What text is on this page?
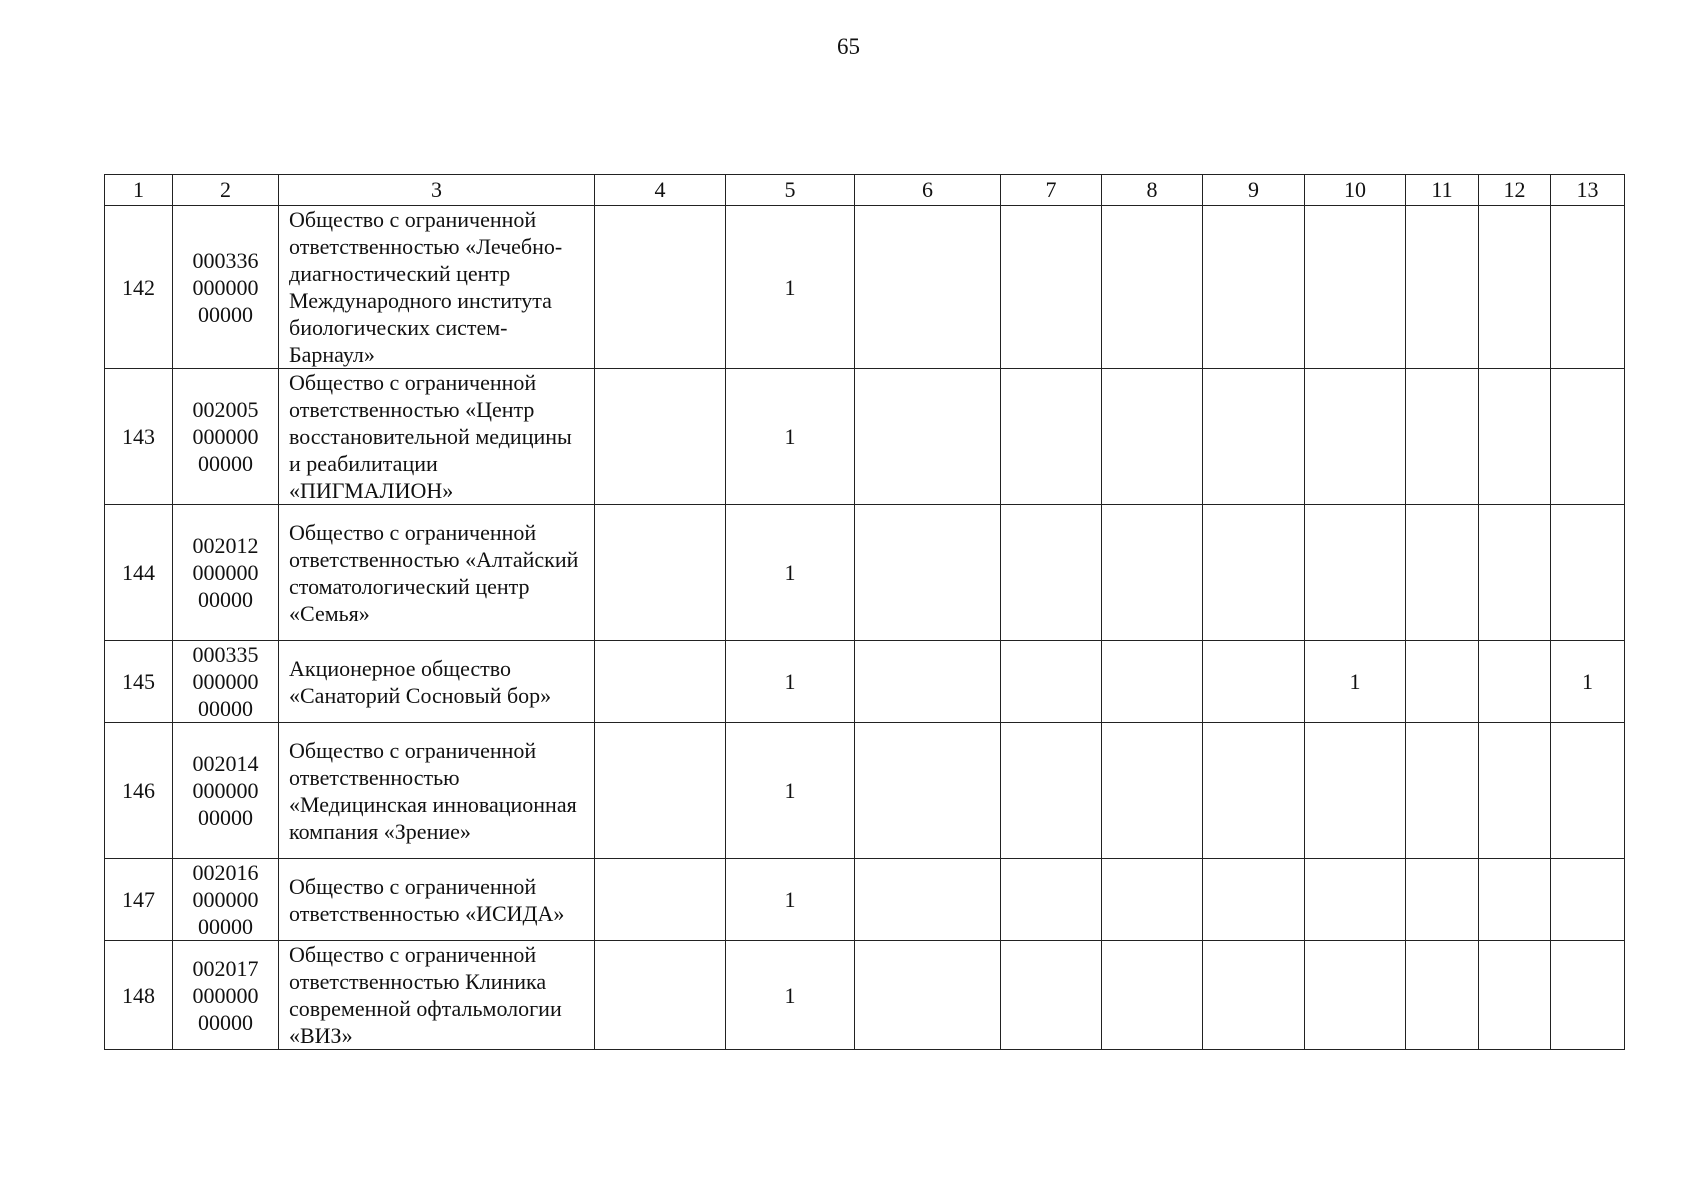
65
1	2	3	4	5	6	7	8	9	10	11	12	13
142	000336
000000
00000	Общество с ограниченной ответственностью «Лечебно-диагностический центр Международного института биологических систем-Барнаул»		1								
143	002005
000000
00000	Общество с ограниченной ответственностью «Центр восстановительной медицины и реабилитации «ПИГМАЛИОН»		1								
144	002012
000000
00000	Общество с ограниченной ответственностью «Алтайский стоматологический центр «Семья»		1								
145	000335
000000
00000	Акционерное общество «Санаторий Сосновый бор»		1					1			1
146	002014
000000
00000	Общество с ограниченной ответственностью «Медицинская инновационная компания «Зрение»		1								
147	002016
000000
00000	Общество с ограниченной ответственностью «ИСИДА»		1								
148	002017
000000
00000	Общество с ограниченной ответственностью Клиника современной офтальмологии «ВИЗ»		1								
